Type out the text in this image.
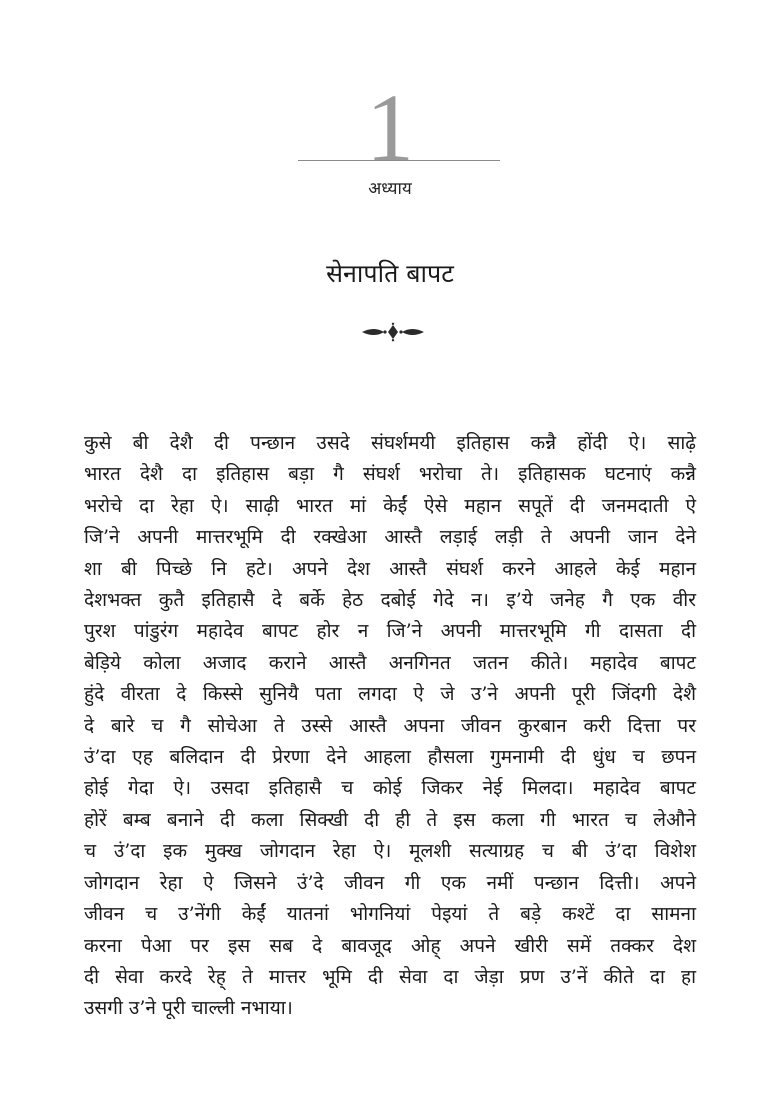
1
अध्याय
सेनापति बापट
कुसे बी देशै दी पन्छान उसदे संघर्शमयी इतिहास कन्नै होंदी ऐ। साढ़े
भारत देशै दा इतिहास बड़ा गै संघर्श भरोचा ते। इतिहासक घटनाएं कन्नै
भरोचे दा रेहा ऐ। साढ़ी भारत मां केईं ऐसे महान सपूतें दी जनमदाती ऐ
जि’ने अपनी मात्तरभूमि दी रक्खेआ आस्तै लड़ाई लड़ी ते अपनी जान देने
शा बी पिच्छे नि हटे। अपने देश आस्तै संघर्श करने आहले केई महान
देशभक्त कुतै इतिहासै दे बर्के हेठ दबोई गेदे न। इ’ये जनेह गै एक वीर
पुरश पांडुरंग महादेव बापट होर न जि’ने अपनी मात्तरभूमि गी दासता दी
बेड़िये कोला अजाद कराने आस्तै अनगिनत जतन कीते। महादेव बापट
हुंदे वीरता दे किस्से सुनियै पता लगदा ऐ जे उ’ने अपनी पूरी जिंदगी देशै
दे बारे च गै सोचेआ ते उस्से आस्तै अपना जीवन कुरबान करी दित्ता पर
उं’दा एह बलिदान दी प्रेरणा देने आहला हौसला गुमनामी दी धुंध च छपन
होई गेदा ऐ। उसदा इतिहासै च कोई जिकर नेई मिलदा। महादेव बापट
होरें बम्ब बनाने दी कला सिक्खी दी ही ते इस कला गी भारत च लेऔने
च उं’दा इक मुक्ख जोगदान रेहा ऐ। मूलशी सत्याग्रह च बी उं’दा विशेश
जोगदान रेहा ऐ जिसने उं’दे जीवन गी एक नमीं पन्छान दित्ती। अपने
जीवन च उ’नेंगी केईं यातनां भोगनियां पेइयां ते बड़े कश्टें दा सामना
करना पेआ पर इस सब दे बावजूद ओह् अपने खीरी समें तक्कर देश
दी सेवा करदे रेह् ते मात्तर भूमि दी सेवा दा जेड़ा प्रण उ’नें कीते दा हा
उसगी उ’ने पूरी चाल्ली नभाया।
